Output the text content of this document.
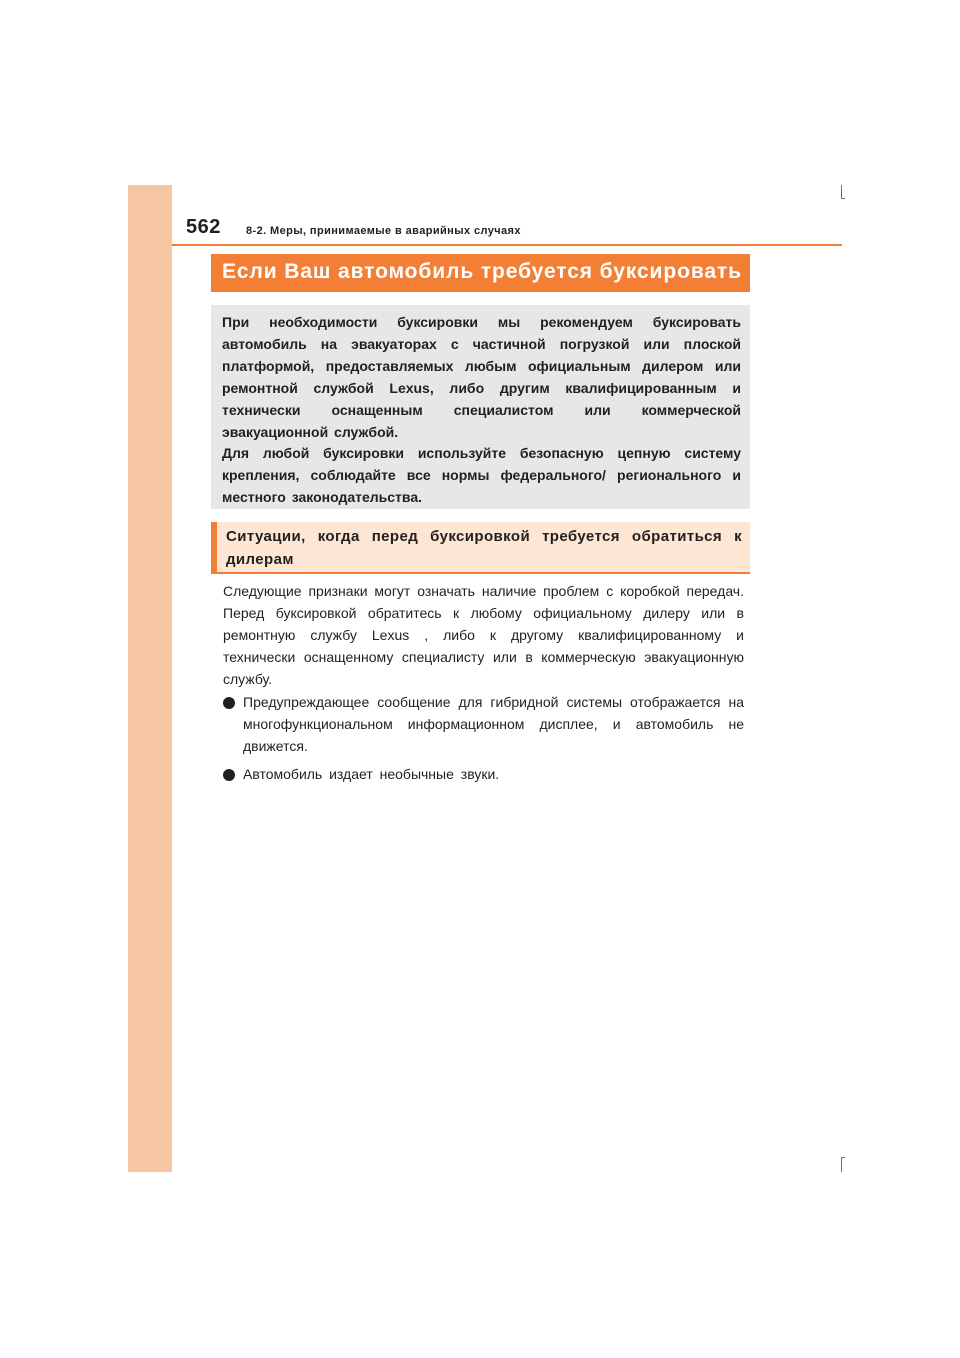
562 8-2. Меры, принимаемые в аварийных случаях
Если Ваш автомобиль требуется буксировать

При необходимости буксировки мы рекомендуем буксировать автомобиль на эвакуаторах с частичной погрузкой или плоской платформой, предоставляемых любым официальным дилером или ремонтной службой Lexus, либо другим квалифицированным и технически оснащенным специалистом или коммерческой эвакуационной службой.

Для любой буксировки используйте безопасную цепную систему крепления, соблюдайте все нормы федерального/ регионального и местного законодательства.

Ситуации, когда перед буксировкой требуется обратиться к дилерам

Следующие признаки могут означать наличие проблем с коробкой передач. Перед буксировкой обратитесь к любому официальному дилеру или в ремонтную службу Lexus , либо к другому квалифицированному и технически оснащенному специалисту или в коммерческую эвакуационную службу.

Предупреждающее сообщение для гибридной системы отображается на многофункциональном информационном дисплее, и автомобиль не движется.
Автомобиль издает необычные звуки.
